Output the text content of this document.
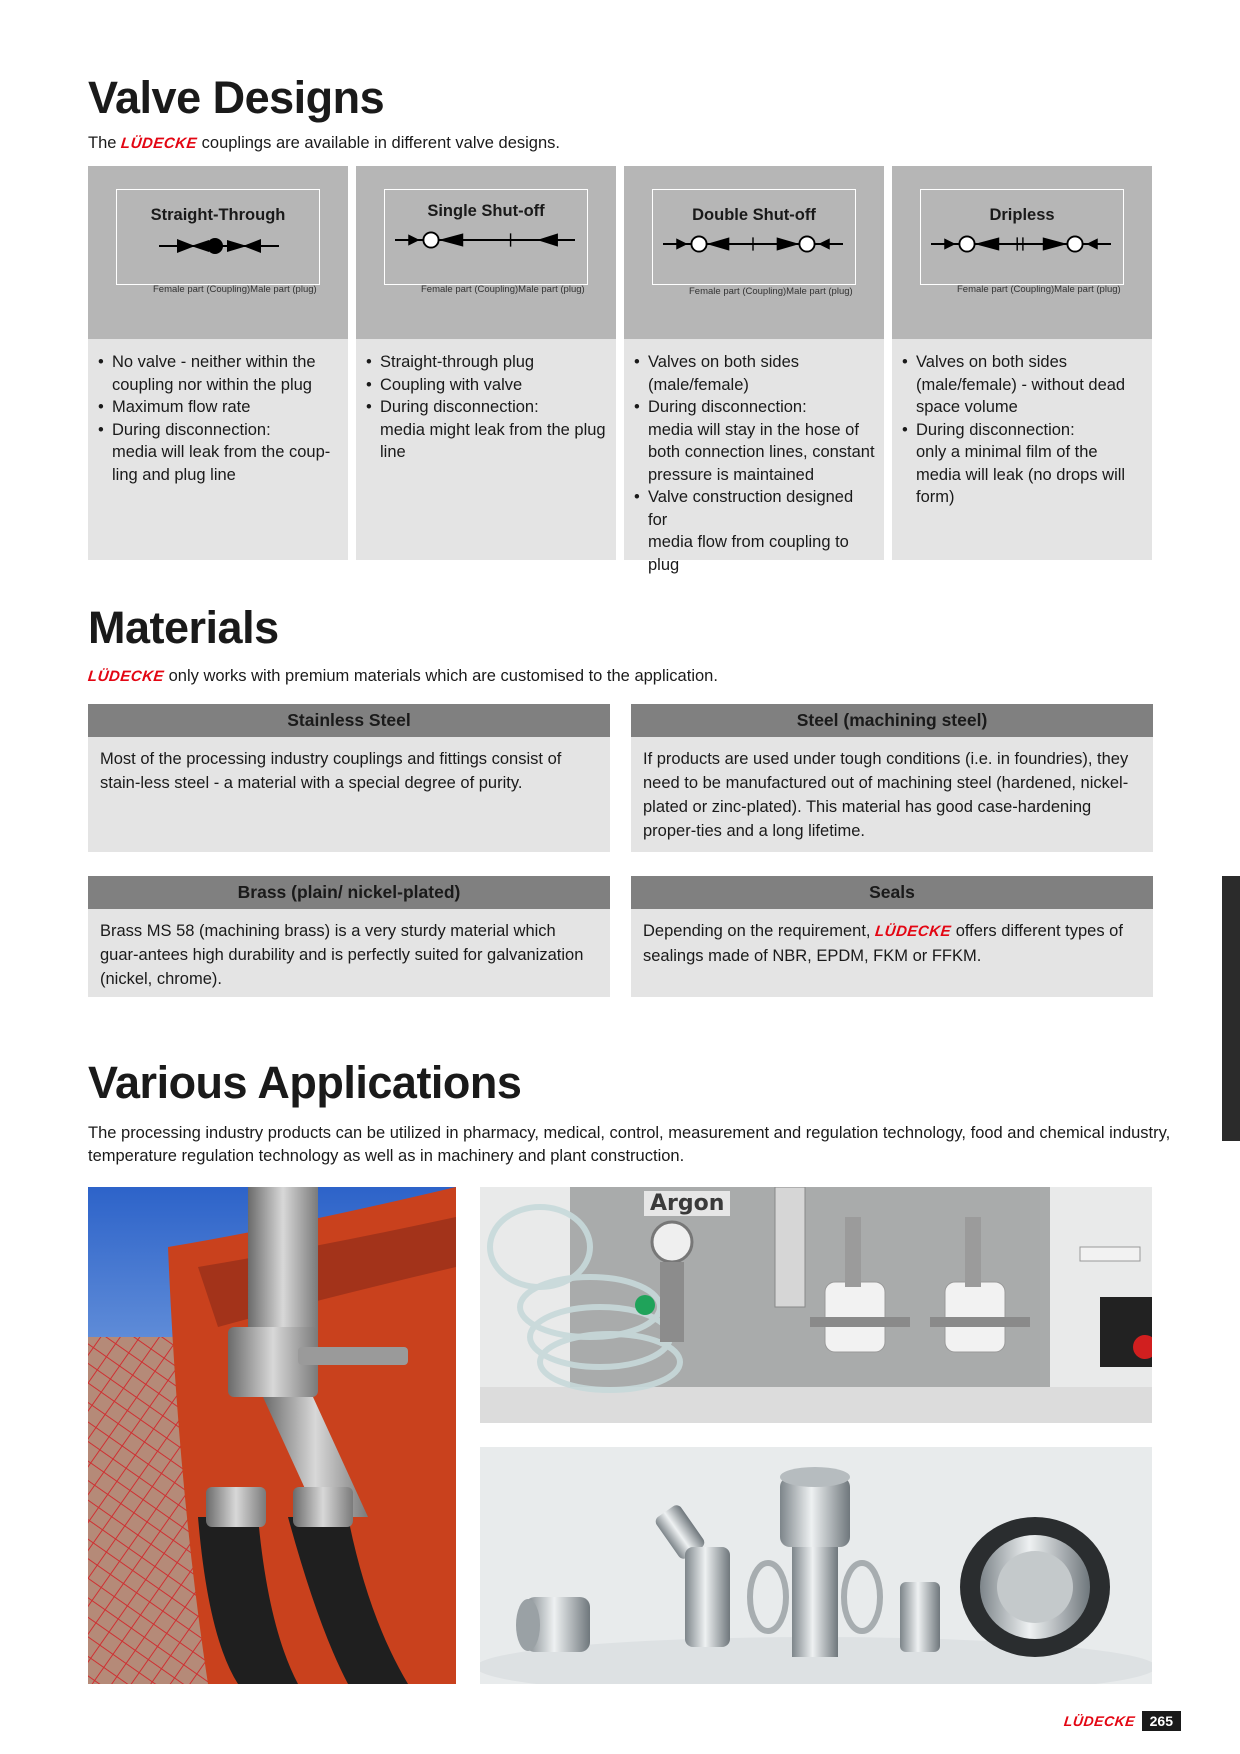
Valve Designs
The LÜDECKE couplings are available in different valve designs.
Straight-Through
Female part (Coupling) Male part (plug)
• No valve - neither within the
coupling nor within the plug
• Maximum flow rate
• During disconnection:
media will leak from the coup-
ling and plug line
Single Shut-off
Female part (Coupling) Male part (plug)
• Straight-through plug
• Coupling with valve
• During disconnection:
media might leak from the plug
line
Double Shut-off
Female part (Coupling) Male part (plug)
• Valves on both sides
(male/female)
• During disconnection:
media will stay in the hose of
both connection lines, constant
pressure is maintained
• Valve construction designed for
media flow from coupling to
plug
Dripless
Female part (Coupling) Male part (plug)
• Valves on both sides
(male/female) - without dead
space volume
• During disconnection:
only a minimal film of the
media will leak (no drops will
form)
Materials
LÜDECKE only works with premium materials which are customised to the application.
Stainless Steel
Most of the processing industry couplings and fittings consist of stain-less steel - a material with a special degree of purity.
Steel (machining steel)
If products are used under tough conditions (i.e. in foundries), they need to be manufactured out of machining steel (hardened, nickel-plated or zinc-plated). This material has good case-hardening proper-ties and a long lifetime.
Brass (plain/ nickel-plated)
Brass MS 58 (machining brass) is a very sturdy material which guar-antees high durability and is perfectly suited for galvanization (nickel, chrome).
Seals
Depending on the requirement, LÜDECKE offers different types of sealings made of NBR, EPDM, FKM or FFKM.
Various Applications
The processing industry products can be utilized in pharmacy, medical, control, measurement and regulation technology, food and chemical industry,
temperature regulation technology as well as in machinery and plant construction.
Argon
LÜDECKE 265
